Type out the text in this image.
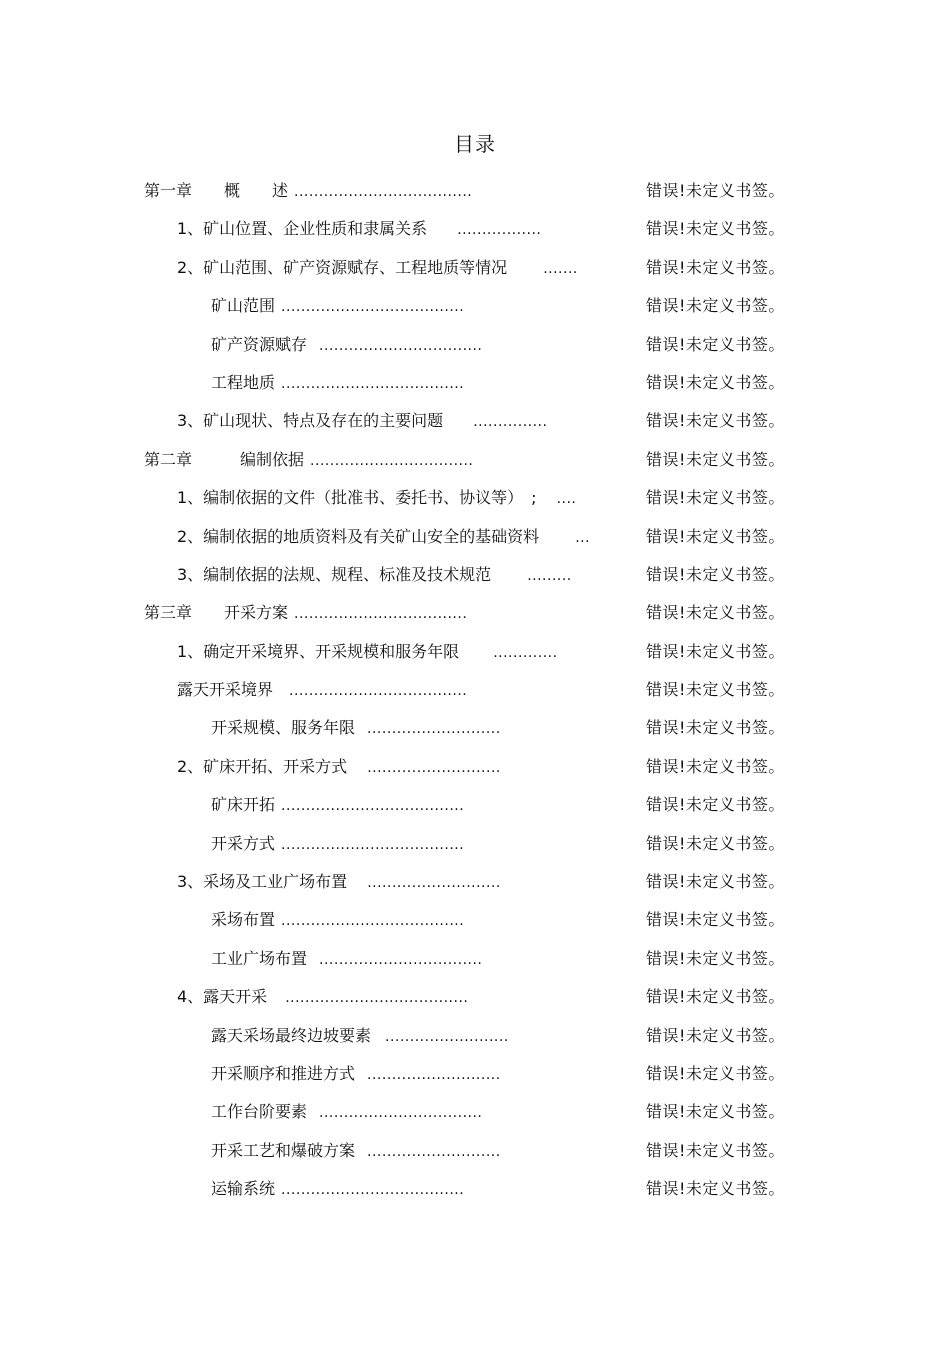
目录
第一章　　概　　述 ....................................	错误!未定义书签。
1、矿山位置、企业性质和隶属关系 .................	错误!未定义书签。
2、矿山范围、矿产资源赋存、工程地质等情况	.......	错误!未定义书签。
矿山范围 .....................................	错误!未定义书签。
矿产资源赋存 .................................	错误!未定义书签。
工程地质 .....................................	错误!未定义书签。
3、矿山现状、特点及存在的主要问题 ...............	错误!未定义书签。
第二章　　　编制依据 .................................	错误!未定义书签。
1、编制依据的文件（批准书、委托书、协议等）　; ....	错误!未定义书签。
2、编制依据的地质资料及有关矿山安全的基础资料	...	错误!未定义书签。
3、编制依据的法规、规程、标准及技术规范	.........	错误!未定义书签。
第三章　　开采方案 ...................................	错误!未定义书签。
1、确定开采境界、开采规模和服务年限 .............	错误!未定义书签。
露天开采境界 ....................................	错误!未定义书签。
开采规模、服务年限 ...........................	错误!未定义书签。
2、矿床开拓、开采方式 ...........................	错误!未定义书签。
矿床开拓 .....................................	错误!未定义书签。
开采方式 .....................................	错误!未定义书签。
3、采场及工业广场布置 ...........................	错误!未定义书签。
采场布置 .....................................	错误!未定义书签。
工业广场布置 .................................	错误!未定义书签。
4、露天开采 .....................................	错误!未定义书签。
露天采场最终边坡要素 .........................	错误!未定义书签。
开采顺序和推进方式 ...........................	错误!未定义书签。
工作台阶要素 .................................	错误!未定义书签。
开采工艺和爆破方案 ...........................	错误!未定义书签。
运输系统 .....................................	错误!未定义书签。
